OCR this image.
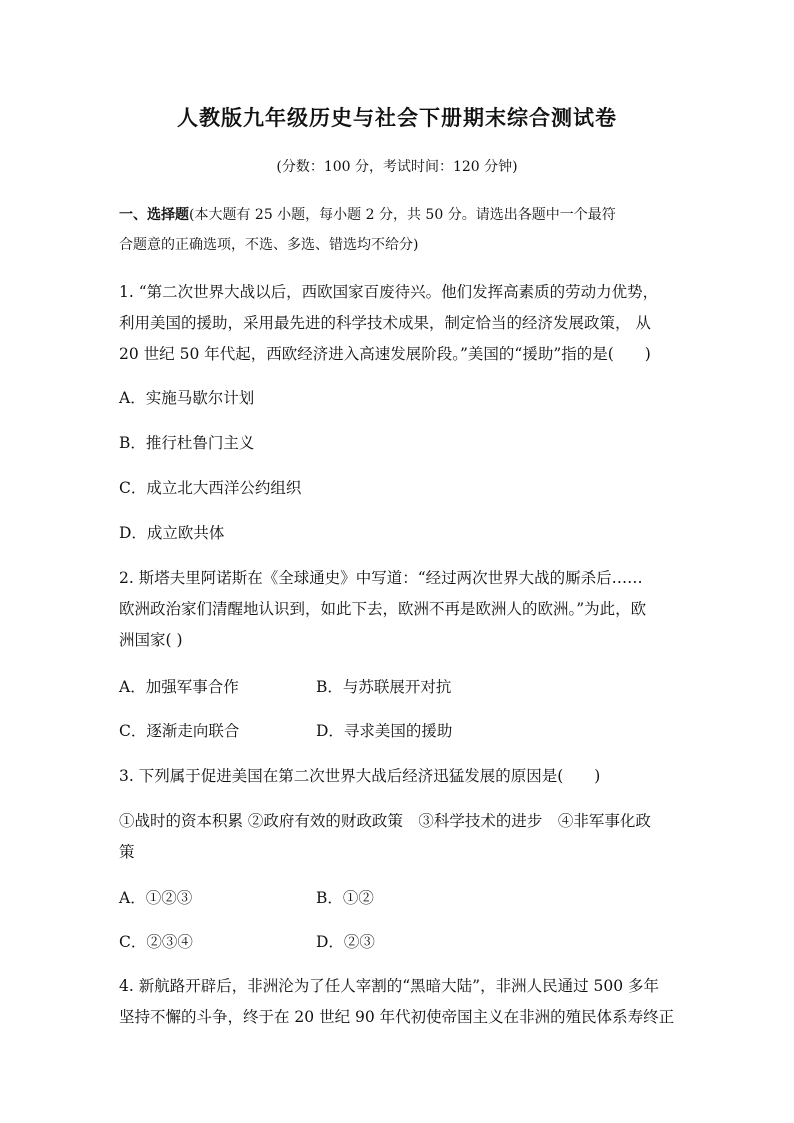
人教版九年级历史与社会下册期末综合测试卷
(分数：100 分，考试时间：120 分钟)
一、选择题(本大题有 25 小题，每小题 2 分，共 50 分。请选出各题中一个最符
合题意的正确选项，不选、多选、错选均不给分)
1. “第二次世界大战以后，西欧国家百废待兴。他们发挥高素质的劳动力优势，
利用美国的援助，采用最先进的科学技术成果，制定恰当的经济发展政策， 从
20 世纪 50 年代起，西欧经济进入高速发展阶段。”美国的“援助”指的是(　　)
A．实施马歇尔计划
B．推行杜鲁门主义
C．成立北大西洋公约组织
D．成立欧共体
2. 斯塔夫里阿诺斯在《全球通史》中写道：“经过两次世界大战的厮杀后……
欧洲政治家们清醒地认识到，如此下去，欧洲不再是欧洲人的欧洲。”为此，欧
洲国家( )
A．加强军事合作	B．与苏联展开对抗
C．逐渐走向联合	D．寻求美国的援助
3. 下列属于促进美国在第二次世界大战后经济迅猛发展的原因是(　　)
①战时的资本积累 ②政府有效的财政政策　③科学技术的进步　④非军事化政
策
A．①②③	B．①②
C．②③④	D．②③
4. 新航路开辟后，非洲沦为了任人宰割的“黑暗大陆”，非洲人民通过 500 多年
坚持不懈的斗争，终于在 20 世纪 90 年代初使帝国主义在非洲的殖民体系寿终正
